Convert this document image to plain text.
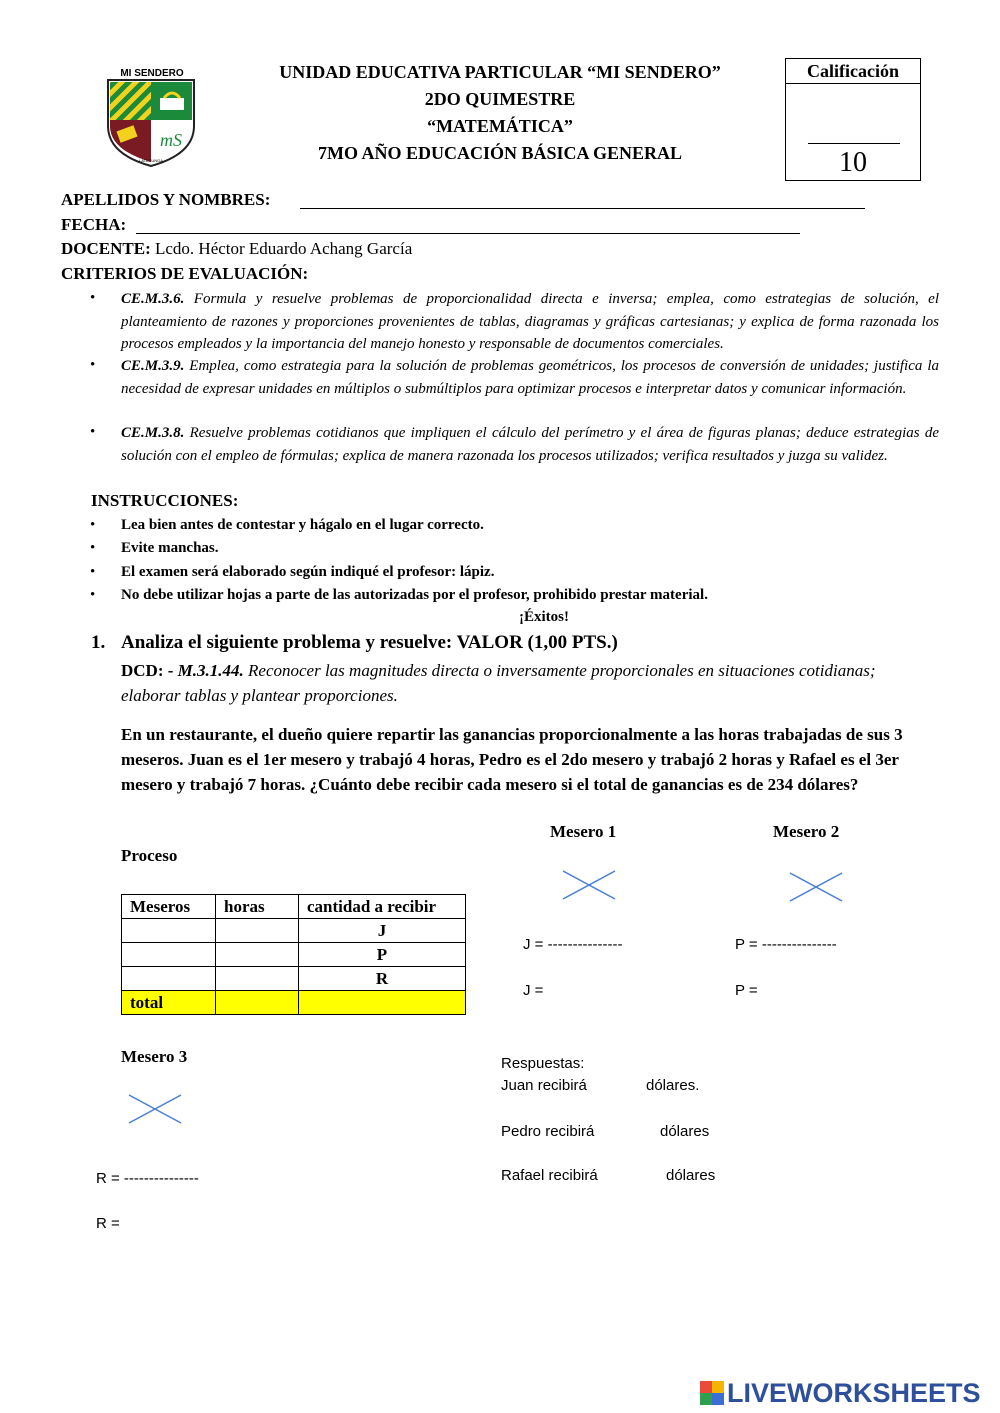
mS
MI SENDERO
LATACUNGA
UNIDAD EDUCATIVA PARTICULAR “MI SENDERO”
2DO QUIMESTRE
“MATEMÁTICA”
7MO AÑO EDUCACIÓN BÁSICA GENERAL
Calificación
10
APELLIDOS Y NOMBRES:
FECHA:
DOCENTE: Lcdo. Héctor Eduardo Achang García
CRITERIOS DE EVALUACIÓN:
• CE.M.3.6. Formula y resuelve problemas de proporcionalidad directa e inversa; emplea, como estrategias de solución, el planteamiento de razones y proporciones provenientes de tablas, diagramas y gráficas cartesianas; y explica de forma razonada los procesos empleados y la importancia del manejo honesto y responsable de documentos comerciales.
• CE.M.3.9. Emplea, como estrategia para la solución de problemas geométricos, los procesos de conversión de unidades; justifica la necesidad de expresar unidades en múltiplos o submúltiplos para optimizar procesos e interpretar datos y comunicar información.
• CE.M.3.8. Resuelve problemas cotidianos que impliquen el cálculo del perímetro y el área de figuras planas; deduce estrategias de solución con el empleo de fórmulas; explica de manera razonada los procesos utilizados; verifica resultados y juzga su validez.
INSTRUCCIONES:
• Lea bien antes de contestar y hágalo en el lugar correcto.
• Evite manchas.
• El examen será elaborado según indiqué el profesor: lápiz.
• No debe utilizar hojas a parte de las autorizadas por el profesor, prohibido prestar material.
¡Éxitos!
1. Analiza el siguiente problema y resuelve: VALOR (1,00 PTS.)
DCD: - M.3.1.44. Reconocer las magnitudes directa o inversamente proporcionales en situaciones cotidianas; elaborar tablas y plantear proporciones.
En un restaurante, el dueño quiere repartir las ganancias proporcionalmente a las horas trabajadas de sus 3 meseros. Juan es el 1er mesero y trabajó 4 horas, Pedro es el 2do mesero y trabajó 2 horas y Rafael es el 3er mesero y trabajó 7 horas. ¿Cuánto debe recibir cada mesero si el total de ganancias es de 234 dólares?
Proceso
Meseros	horas	cantidad a recibir
		J
		P
		R
total		
Mesero 1
J = ---------------
J =
Mesero 2
P = ---------------
P =
Mesero 3
R = ---------------
R =
Respuestas:
Juan recibirá	dólares.
Pedro recibirá	dólares
Rafael recibirá	dólares
LIVEWORKSHEETS
